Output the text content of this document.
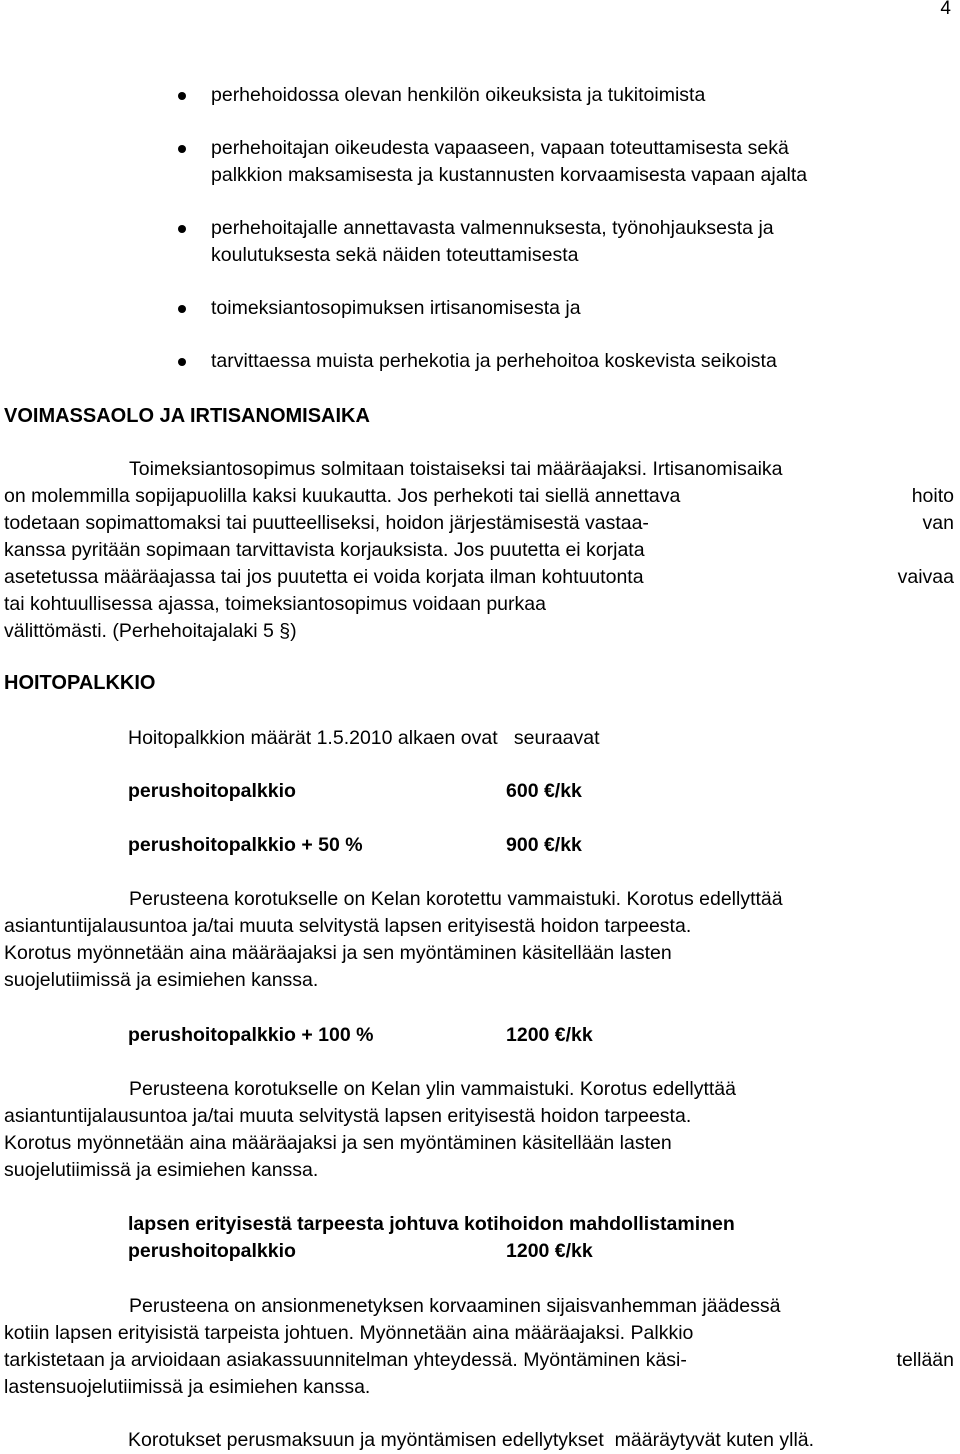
4
perhehoidossa olevan henkilön oikeuksista ja tukitoimista
perhehoitajan oikeudesta vapaaseen, vapaan toteuttamisesta sekä
palkkion maksamisesta ja kustannusten korvaamisesta vapaan ajalta
perhehoitajalle annettavasta valmennuksesta, työnohjauksesta ja
koulutuksesta sekä näiden toteuttamisesta
toimeksiantosopimuksen irtisanomisesta ja
tarvittaessa muista perhekotia ja perhehoitoa koskevista seikoista
VOIMASSAOLO JA IRTISANOMISAIKA
Toimeksiantosopimus solmitaan toistaiseksi tai määräajaksi. Irtisanomisaika
on molemmilla sopijapuolilla kaksi kuukautta. Jos perhekoti tai siellä annettava	hoito
todetaan sopimattomaksi tai puutteelliseksi, hoidon järjestämisestä vastaa-	van
kanssa pyritään sopimaan tarvittavista korjauksista. Jos puutetta ei korjata
asetetussa määräajassa tai jos puutetta ei voida korjata ilman kohtuutonta	vaivaa
tai kohtuullisessa ajassa, toimeksiantosopimus voidaan purkaa
välittömästi. (Perhehoitajalaki 5 §)
HOITOPALKKIO
Hoitopalkkion määrät 1.5.2010 alkaen ovat   seuraavat
perushoitopalkkio	600 €/kk
perushoitopalkkio + 50 %	900 €/kk
Perusteena korotukselle on Kelan korotettu vammaistuki. Korotus edellyttää
asiantuntijalausuntoa ja/tai muuta selvitystä lapsen erityisestä hoidon tarpeesta.
Korotus myönnetään aina määräajaksi ja sen myöntäminen käsitellään lasten
suojelutiimissä ja esimiehen kanssa.
perushoitopalkkio + 100 %	1200 €/kk
Perusteena korotukselle on Kelan ylin vammaistuki. Korotus edellyttää
asiantuntijalausuntoa ja/tai muuta selvitystä lapsen erityisestä hoidon tarpeesta.
Korotus myönnetään aina määräajaksi ja sen myöntäminen käsitellään lasten
suojelutiimissä ja esimiehen kanssa.
lapsen erityisestä tarpeesta johtuva kotihoidon mahdollistaminen
perushoitopalkkio	1200 €/kk
Perusteena on ansionmenetyksen korvaaminen sijaisvanhemman jäädessä
kotiin lapsen erityisistä tarpeista johtuen. Myönnetään aina määräajaksi. Palkkio
tarkistetaan ja arvioidaan asiakassuunnitelman yhteydessä. Myöntäminen käsi-	tellään
lastensuojelutiimissä ja esimiehen kanssa.
Korotukset perusmaksuun ja myöntämisen edellytykset  määräytyvät kuten yllä.
